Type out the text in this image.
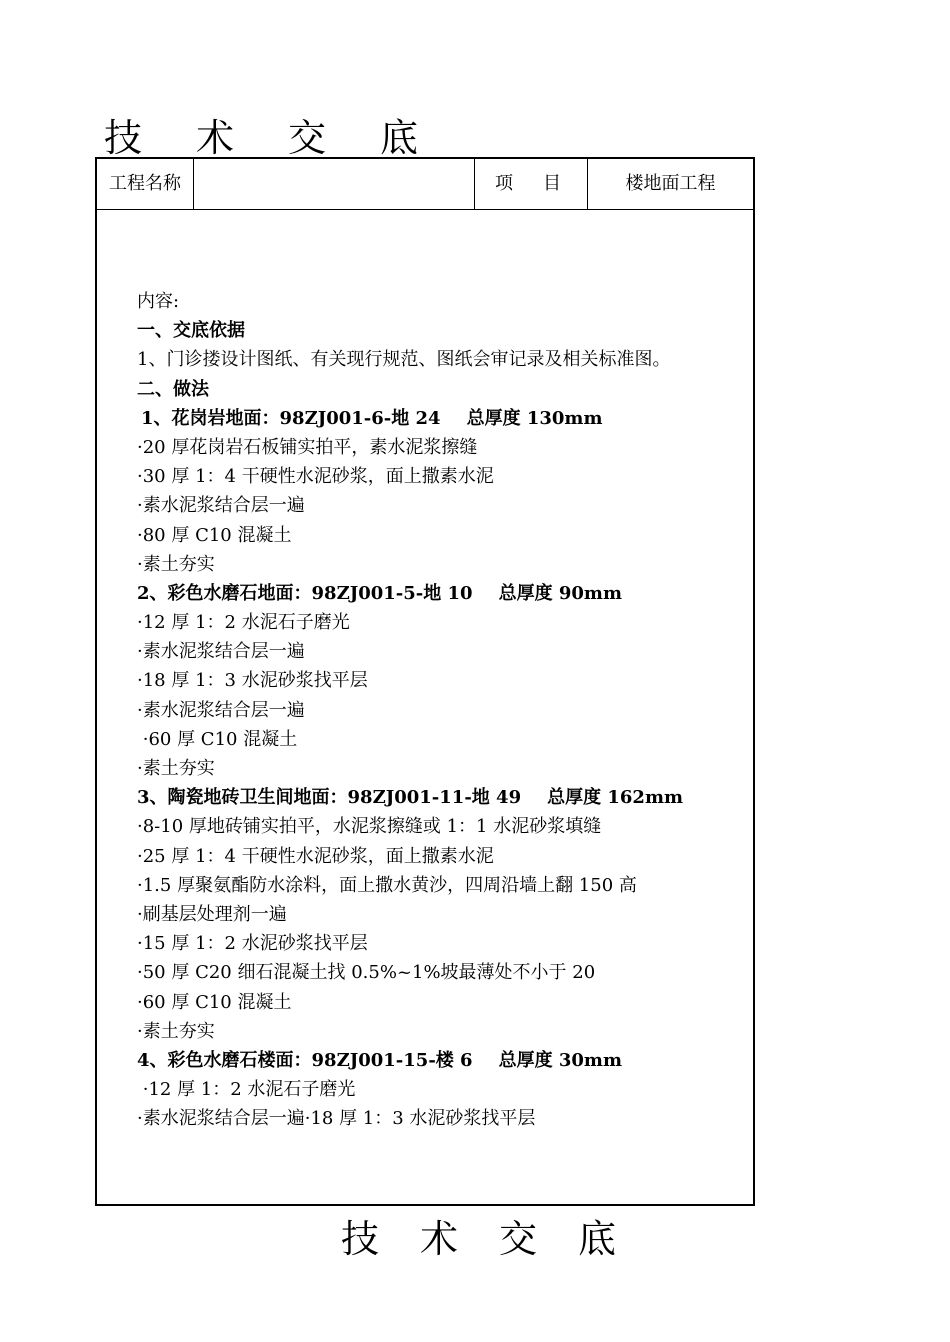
技术交底
工程名称	项目	楼地面工程
内容:
一、交底依据
1、门诊搂设计图纸、有关现行规范、图纸会审记录及相关标准图。
二、做法
1、花岗岩地面：98ZJ001-6-地 24 总厚度 130mm
·20 厚花岗岩石板铺实拍平，素水泥浆擦缝
·30 厚 1：4 干硬性水泥砂浆，面上撒素水泥
·素水泥浆结合层一遍
·80 厚 C10 混凝土
·素土夯实
2、彩色水磨石地面：98ZJ001-5-地 10 总厚度 90mm
·12 厚 1：2 水泥石子磨光
·素水泥浆结合层一遍
·18 厚 1：3 水泥砂浆找平层
·素水泥浆结合层一遍
·60 厚 C10 混凝土
·素土夯实
3、陶瓷地砖卫生间地面：98ZJ001-11-地 49 总厚度 162mm
·8-10 厚地砖铺实拍平，水泥浆擦缝或 1：1 水泥砂浆填缝
·25 厚 1：4 干硬性水泥砂浆，面上撒素水泥
·1.5 厚聚氨酯防水涂料，面上撒水黄沙，四周沿墙上翻 150 高
·刷基层处理剂一遍
·15 厚 1：2 水泥砂浆找平层
·50 厚 C20 细石混凝土找 0.5%~1%坡最薄处不小于 20
·60 厚 C10 混凝土
·素土夯实
4、彩色水磨石楼面：98ZJ001-15-楼 6 总厚度 30mm
·12 厚 1：2 水泥石子磨光
·素水泥浆结合层一遍·18 厚 1：3 水泥砂浆找平层
技术交底
